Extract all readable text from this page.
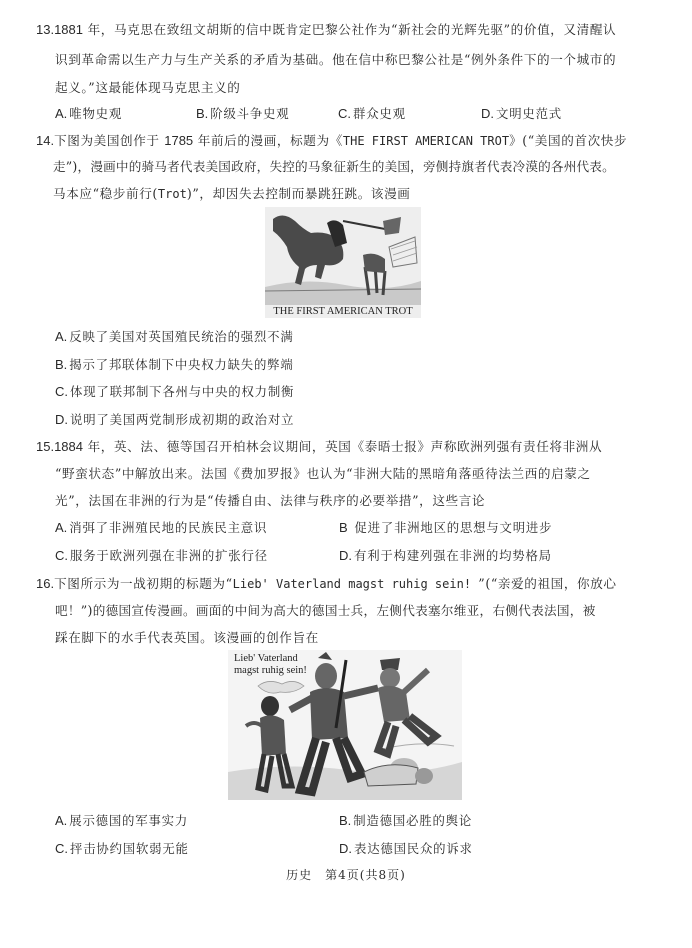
13.1881 年，马克思在致纽文胡斯的信中既肯定巴黎公社作为“新社会的光辉先驱”的价值，又清醒认
识到革命需以生产力与生产关系的矛盾为基础。他在信中称巴黎公社是“例外条件下的一个城市的
起义。”这最能体现马克思主义的
A. 唯物史观	B. 阶级斗争史观	C. 群众史观	D. 文明史范式
14.下图为美国创作于 1785 年前后的漫画，标题为《THE FIRST AMERICAN TROT》(“美国的首次快步
走”)，漫画中的骑马者代表美国政府，失控的马象征新生的美国，旁侧持旗者代表冷漠的各州代表。
马本应“稳步前行(Trot)”，却因失去控制而暴跳狂跳。该漫画
THE FIRST AMERICAN TROT
A. 反映了美国对英国殖民统治的强烈不满
B. 揭示了邦联体制下中央权力缺失的弊端
C. 体现了联邦制下各州与中央的权力制衡
D. 说明了美国两党制形成初期的政治对立
15.1884 年，英、法、德等国召开柏林会议期间，英国《泰晤士报》声称欧洲列强有责任将非洲从
“野蛮状态”中解放出来。法国《费加罗报》也认为“非洲大陆的黑暗角落亟待法兰西的启蒙之
光”，法国在非洲的行为是“传播自由、法律与秩序的必要举措”，这些言论
A. 消弭了非洲殖民地的民族民主意识	B 促进了非洲地区的思想与文明进步
C. 服务于欧洲列强在非洲的扩张行径	D. 有利于构建列强在非洲的均势格局
16.下图所示为一战初期的标题为“Lieb' Vaterland magst ruhig sein! ”(“亲爱的祖国，你放心
吧！”)的德国宣传漫画。画面的中间为高大的德国士兵，左侧代表塞尔维亚，右侧代表法国，被
踩在脚下的水手代表英国。该漫画的创作旨在
Lieb' Vaterland
magst ruhig sein!
A. 展示德国的军事实力	B. 制造德国必胜的舆论
C. 抨击协约国软弱无能	D. 表达德国民众的诉求
历史　第4页(共8页)
